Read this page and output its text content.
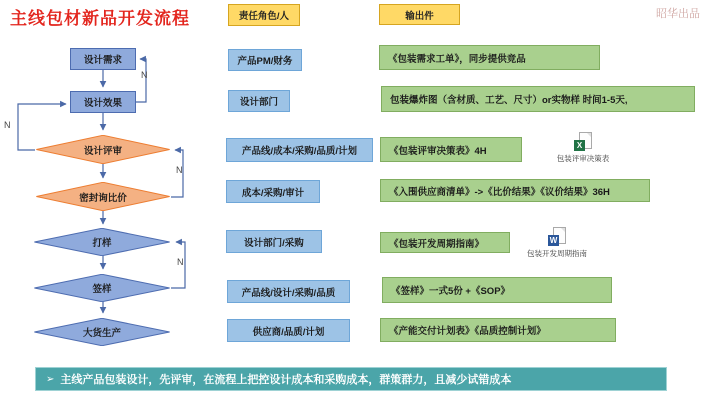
主线包材新品开发流程	昭华出品
责任角色/人	输出件
设计需求
设计效果
设计评审
密封询比价
打样
签样
大货生产
N
N
N
N
产品PM/财务
设计部门
产品线/成本/采购/品质/计划
成本/采购/审计
设计部门/采购
产品线/设计/采购/品质
供应商/品质/计划
《包装需求工单》，同步提供竞品
包装爆炸图（含材质、工艺、尺寸）or实物样 时间1-5天,
《包装评审决策表》4H
《入围供应商清单》->《比价结果》《议价结果》36H
《包装开发周期指南》
《签样》一式5份 +《SOP》
《产能交付计划表》《品质控制计划》
X
包装评审决策表
W
包装开发周期指南
➢ 主线产品包装设计，先评审，在流程上把控设计成本和采购成本，群策群力，且减少试错成本
